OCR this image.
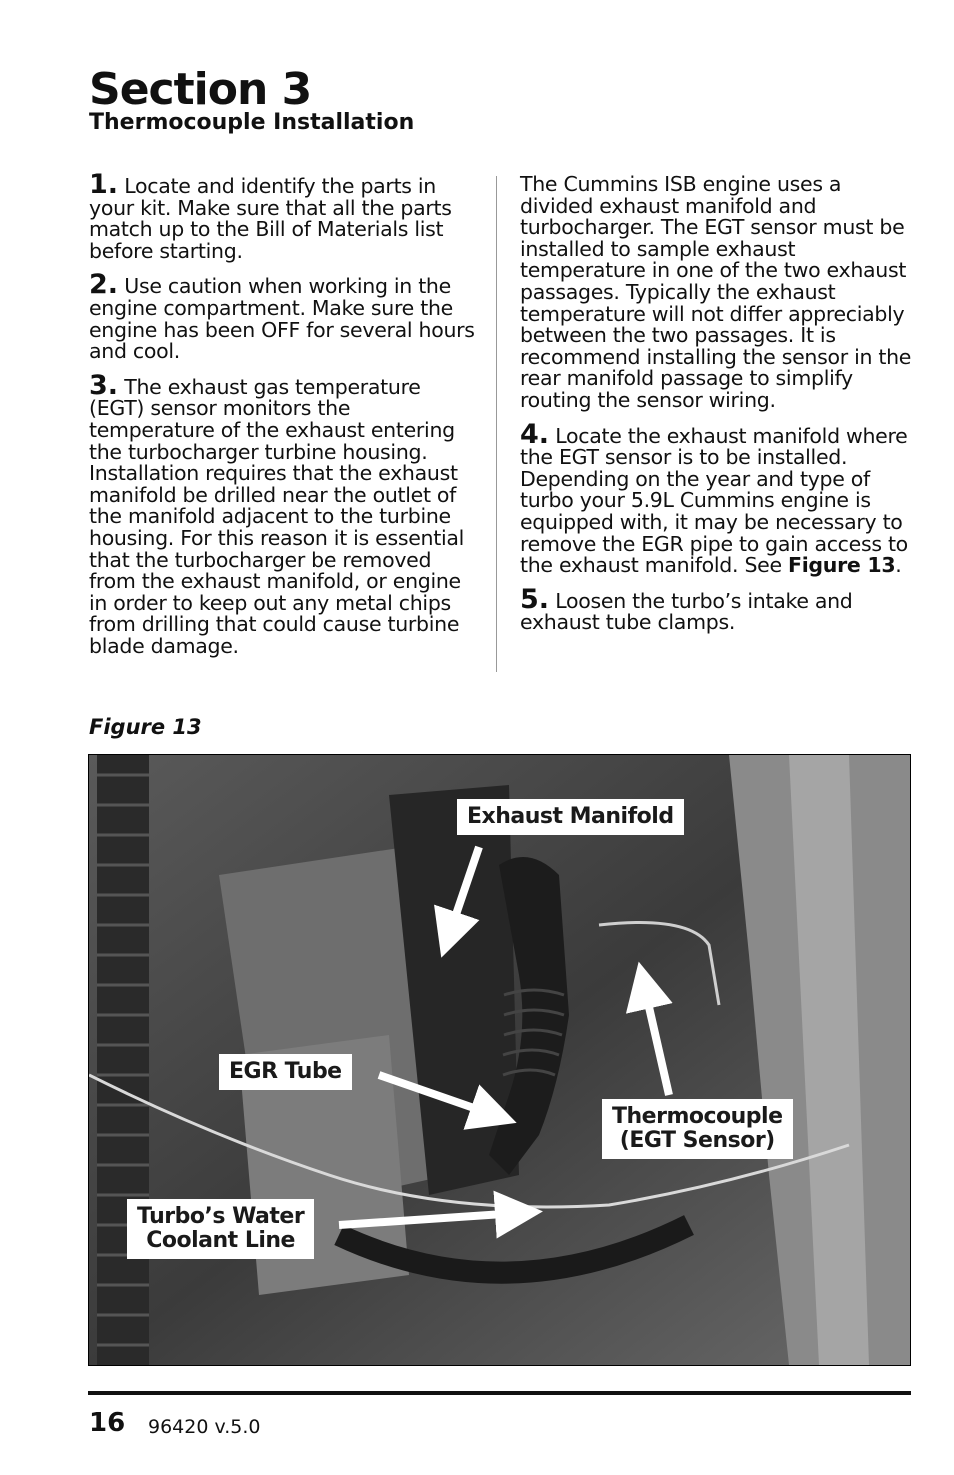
Section 3
Thermocouple Installation

1. Locate and identify the parts in your kit. Make sure that all the parts match up to the Bill of Materials list before starting.

2. Use caution when working in the engine compartment. Make sure the engine has been OFF for several hours and cool.

3. The exhaust gas temperature (EGT) sensor monitors the temperature of the exhaust entering the turbocharger turbine housing. Installation requires that the exhaust manifold be drilled near the outlet of the manifold adjacent to the turbine housing. For this reason it is essential that the turbocharger be removed from the exhaust manifold, or engine in order to keep out any metal chips from drilling that could cause turbine blade damage.

The Cummins ISB engine uses a divided exhaust manifold and turbocharger. The EGT sensor must be installed to sample exhaust temperature in one of the two exhaust passages. Typically the exhaust temperature will not differ appreciably between the two passages. It is recommend installing the sensor in the rear manifold passage to simplify routing the sensor wiring.

4. Locate the exhaust manifold where the EGT sensor is to be installed. Depending on the year and type of turbo your 5.9L Cummins engine is equipped with, it may be necessary to remove the EGR pipe to gain access to the exhaust manifold. See Figure 13.

5. Loosen the turbo’s intake and exhaust tube clamps.

Figure 13
Exhaust Manifold
EGR Tube
Thermocouple
(EGT Sensor)
Turbo’s Water
Coolant Line
16 96420 v.5.0
